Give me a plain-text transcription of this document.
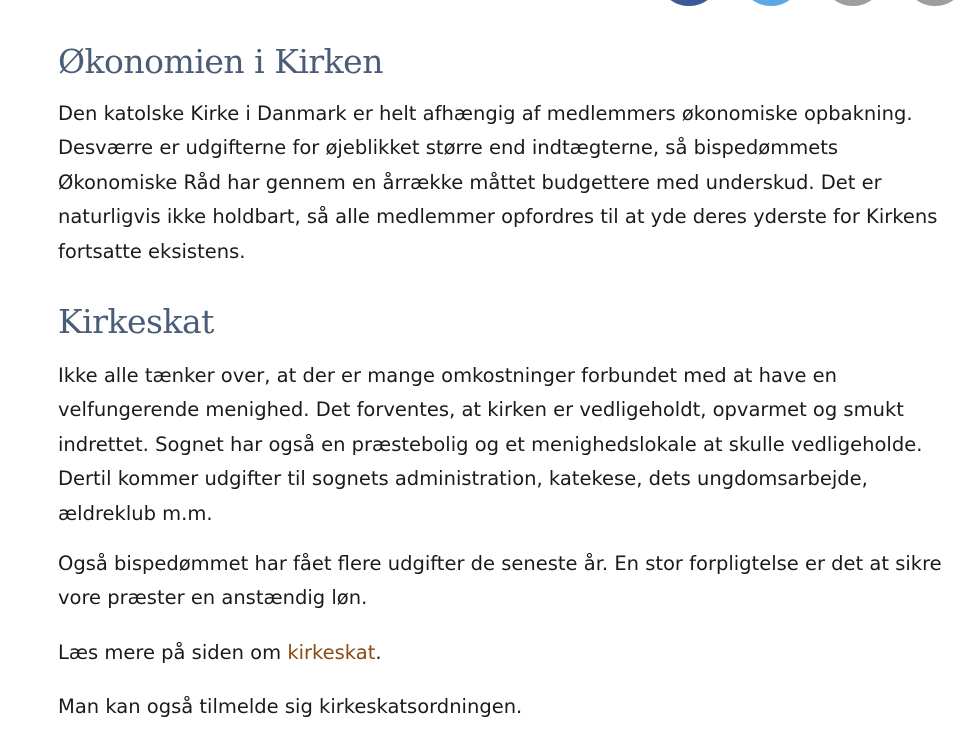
Økonomien i Kirken

Den katolske Kirke i Danmark er helt afhængig af medlemmers økonomiske opbakning. Desværre er udgifterne for øjeblikket større end indtægterne, så bispedømmets Økonomiske Råd har gennem en årrække måttet budgettere med underskud. Det er naturligvis ikke holdbart, så alle medlemmer opfordres til at yde deres yderste for Kirkens fortsatte eksistens.

Kirkeskat

Ikke alle tænker over, at der er mange omkostninger forbundet med at have en velfungerende menighed. Det forventes, at kirken er vedligeholdt, opvarmet og smukt indrettet. Sognet har også en præstebolig og et menighedslokale at skulle vedligeholde. Dertil kommer udgifter til sognets administration, katekese, dets ungdomsarbejde, ældreklub m.m.

Også bispedømmet har fået flere udgifter de seneste år. En stor forpligtelse er det at sikre vore præster en anstændig løn.

Læs mere på siden om kirkeskat.

Man kan også tilmelde sig kirkeskatsordningen.
